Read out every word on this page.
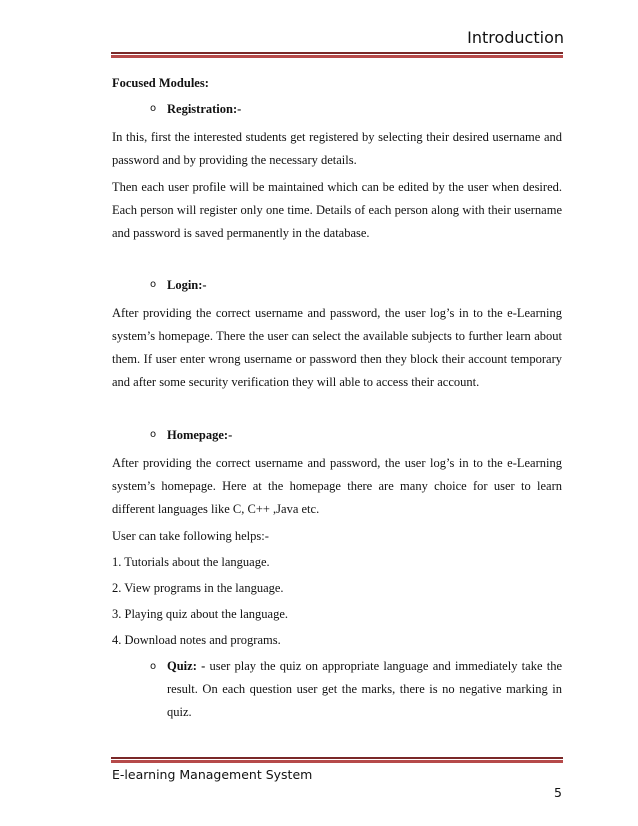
Introduction

Focused Modules:

o Registration:-

In this, first the interested students get registered by selecting their desired username and password and by providing the necessary details.

Then each user profile will be maintained which can be edited by the user when desired. Each person will register only one time. Details of each person along with their username and password is saved permanently in the database.

o Login:-

After providing the correct username and password, the user log’s in to the e-Learning system’s homepage. There the user can select the available subjects to further learn about them. If user enter wrong username or password then they block their account temporary and after some security verification they will able to access their account.

o Homepage:-

After providing the correct username and password, the user log’s in to the e-Learning system’s homepage. Here at the homepage there are many choice for user to learn different languages like C, C++ ,Java etc.

User can take following helps:-

1. Tutorials about the language.

2. View programs in the language.

3. Playing quiz about the language.

4. Download notes and programs.

o Quiz: - user play the quiz on appropriate language and immediately take the result. On each question user get the marks, there is no negative marking in quiz.
E-learning Management System
5
